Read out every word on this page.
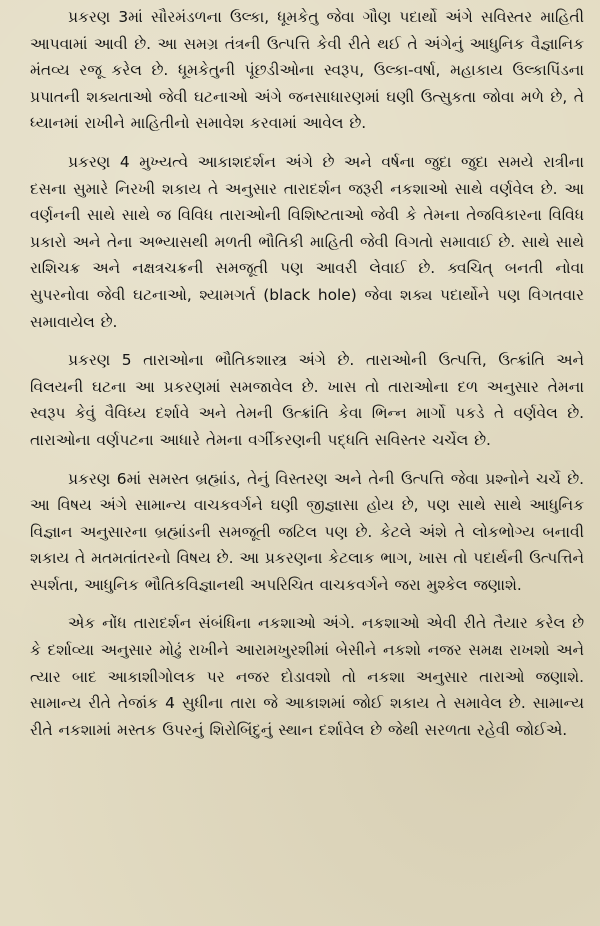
પ્રકરણ 3માં સૌરમંડળના ઉલ્કા, ધૂમકેતુ જેવા ગૌણ પદાર્થો અંગે સવિસ્તર માહિતી આપવામાં આવી છે. આ સમગ્ર તંત્રની ઉત્પત્તિ કેવી રીતે થઈ તે અંગેનું આધુનિક વૈજ્ઞાનિક મંતવ્ય રજૂ કરેલ છે. ધૂમકેતુની પૂંછડીઓના સ્વરૂપ, ઉલ્કા-વર્ષા, મહાકાય ઉલ્કાપિંડના પ્રપાતની શક્યતાઓ જેવી ઘટનાઓ અંગે જનસાધારણમાં ઘણી ઉત્સુકતા જોવા મળે છે, તે ધ્યાનમાં રાખીને માહિતીનો સમાવેશ કરવામાં આવેલ છે.

પ્રકરણ 4 મુખ્યત્વે આકાશદર્શન અંગે છે અને વર્ષના જુદા જુદા સમયે રાત્રીના દસના સુમારે નિરખી શકાય તે અનુસાર તારાદર્શન જરૂરી નકશાઓ સાથે વર્ણવેલ છે. આ વર્ણનની સાથે સાથે જ વિવિધ તારાઓની વિશિષ્ટતાઓ જેવી કે તેમના તેજવિકારના વિવિધ પ્રકારો અને તેના અભ્યાસથી મળતી ભૌતિકી માહિતી જેવી વિગતો સમાવાઈ છે. સાથે સાથે રાશિચક્ર અને નક્ષત્રચક્રની સમજૂતી પણ આવરી લેવાઈ છે. ક્વચિત્ બનતી નોવા સુપરનોવા જેવી ઘટનાઓ, શ્યામગર્ત (black hole) જેવા શક્ય પદાર્થોને પણ વિગતવાર સમાવાયેલ છે.

પ્રકરણ 5 તારાઓના ભૌતિકશાસ્ત્ર અંગે છે. તારાઓની ઉત્પત્તિ, ઉત્ક્રાંતિ અને વિલયની ઘટના આ પ્રકરણમાં સમજાવેલ છે. ખાસ તો તારાઓના દળ અનુસાર તેમના સ્વરૂપ કેવું વૈવિધ્ય દર્શાવે અને તેમની ઉત્ક્રાંતિ કેવા ભિન્ન માર્ગો પકડે તે વર્ણવેલ છે. તારાઓના વર્ણપટના આધારે તેમના વર્ગીકરણની પદ્ધતિ સવિસ્તર ચર્ચેલ છે.

પ્રકરણ 6માં સમસ્ત બ્રહ્માંડ, તેનું વિસ્તરણ અને તેની ઉત્પત્તિ જેવા પ્રશ્નોને ચર્ચે છે. આ વિષય અંગે સામાન્ય વાચકવર્ગને ઘણી જીજ્ઞાસા હોય છે, પણ સાથે સાથે આધુનિક વિજ્ઞાન અનુસારના બ્રહ્માંડની સમજૂતી જટિલ પણ છે. કેટલે અંશે તે લોકભોગ્ય બનાવી શકાય તે મતમતાંતરનો વિષય છે. આ પ્રકરણના કેટલાક ભાગ, ખાસ તો પદાર્થની ઉત્પત્તિને સ્પર્શતા, આધુનિક ભૌતિકવિજ્ઞાનથી અપરિચિત વાચકવર્ગને જરા મુશ્કેલ જણાશે.

એક નોંધ તારાદર્શન સંબંધિના નકશાઓ અંગે. નકશાઓ એવી રીતે તૈયાર કરેલ છે કે દર્શાવ્યા અનુસાર મોઢું રાખીને આરામખુરશીમાં બેસીને નકશો નજર સમક્ષ રાખશો અને ત્યાર બાદ આકાશીગોલક પર નજર દોડાવશો તો નકશા અનુસાર તારાઓ જણાશે. સામાન્ય રીતે તેજાંક 4 સુધીના તારા જે આકાશમાં જોઈ શકાય તે સમાવેલ છે. સામાન્ય રીતે નકશામાં મસ્તક ઉપરનું શિરોબિંદુનું સ્થાન દર્શાવેલ છે જેથી સરળતા રહેવી જોઈએ.
